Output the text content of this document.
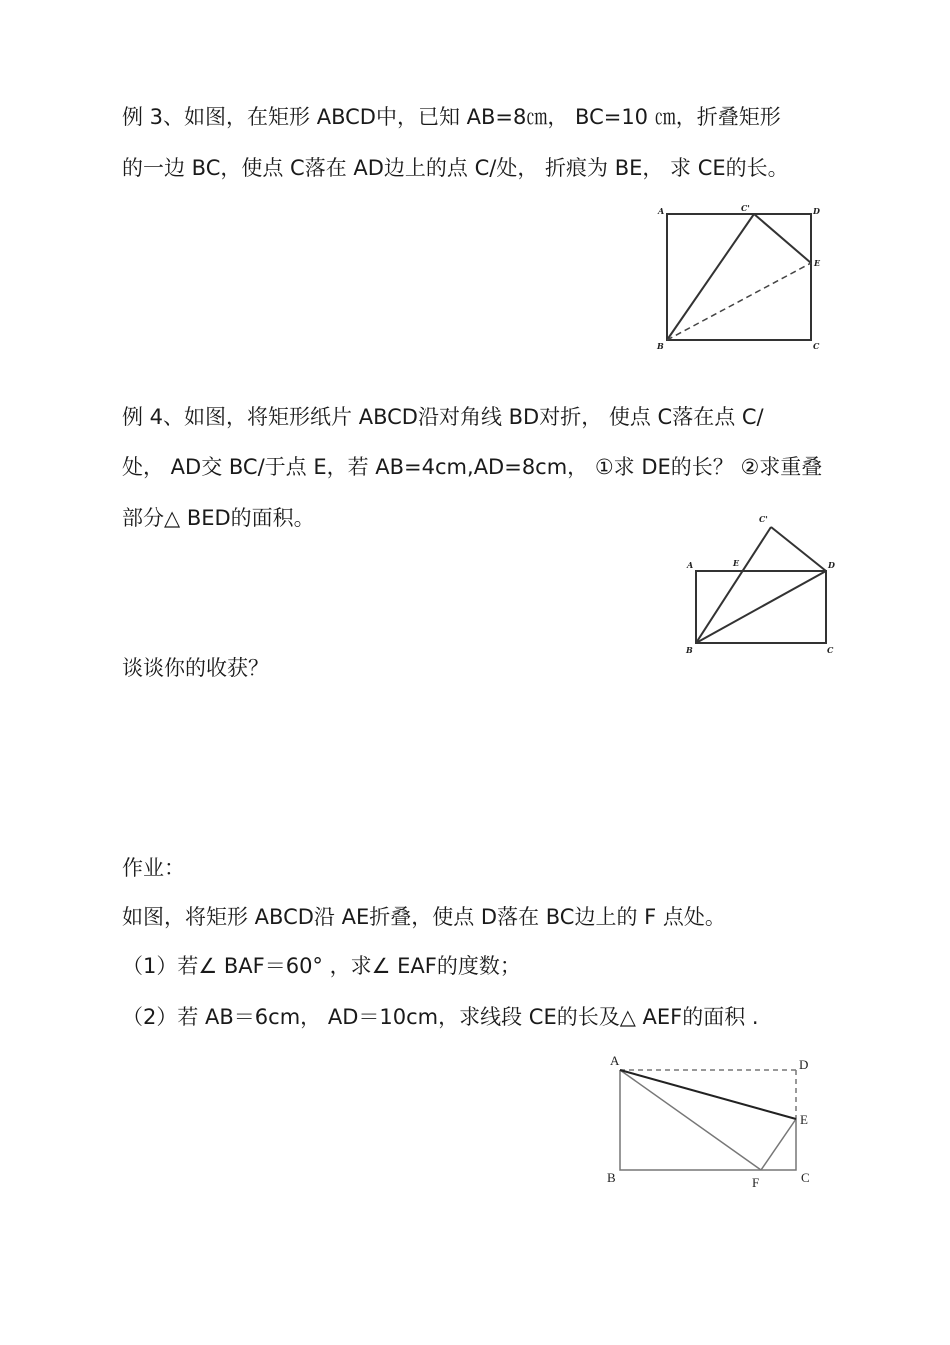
例 3、如图，在矩形 ABCD中，已知 AB=8㎝， BC=10 ㎝，折叠矩形
的一边 BC，使点 C落在 AD边上的点 C/处， 折痕为 BE， 求 CE的长。
A	C'	D
E
B	C
例 4、如图，将矩形纸片 ABCD沿对角线 BD对折， 使点 C落在点 C/
处， AD交 BC/于点 E，若 AB=4cm,AD=8cm， ①求 DE的长？ ②求重叠
部分△ BED的面积。
A	E
C'
D
B	C
谈谈你的收获？
作业：
如图，将矩形 ABCD沿 AE折叠，使点 D落在 BC边上的 F 点处。
（1）若∠ BAF＝60° ，求∠ EAF的度数；
（2）若 AB＝6cm， AD＝10cm，求线段 CE的长及△ AEF的面积 .
A	D
E
B	F	C
